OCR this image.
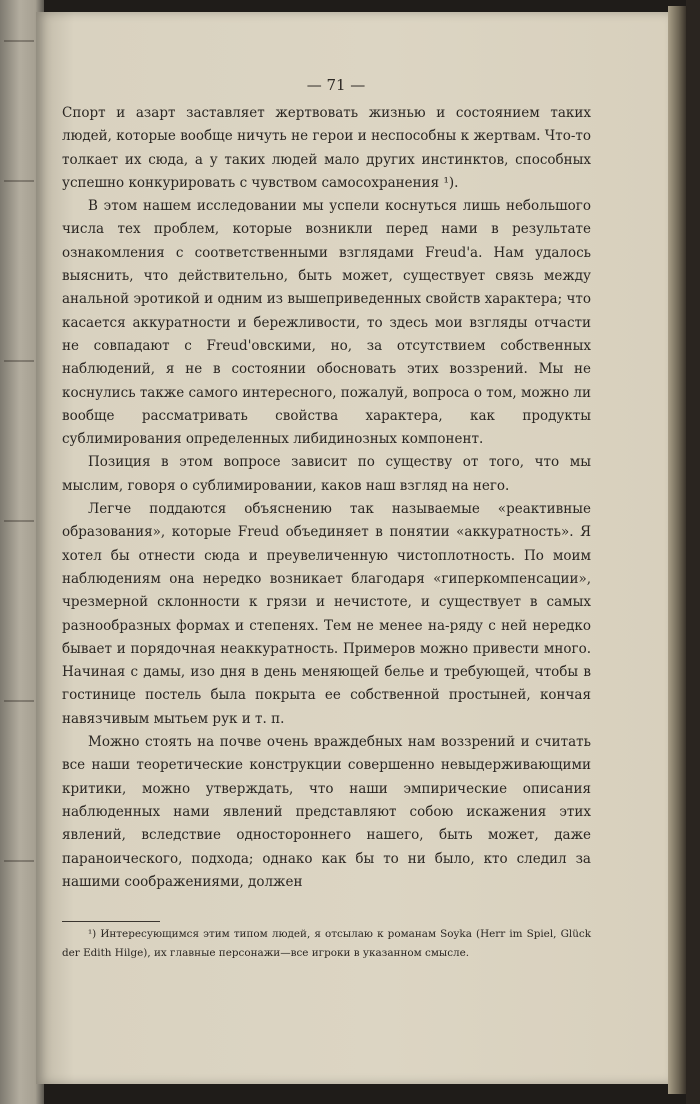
— 71 —

Спорт и азарт заставляет жертвовать жизнью и состоянием таких людей, которые вообще ничуть не герои и неспособны к жертвам. Что-то толкает их сюда, а у таких людей мало других инстинктов, способных успешно конкурировать с чувством самосохранения ¹).

В этом нашем исследовании мы успели коснуться лишь небольшого числа тех проблем, которые возникли перед нами в результате ознакомления с соответственными взглядами Freud'а. Нам удалось выяснить, что действительно, быть может, существует связь между анальной эротикой и одним из вышеприведенных свойств характера; что касается аккуратности и бережливости, то здесь мои взгляды отчасти не совпадают с Freud'овскими, но, за отсутствием собственных наблюдений, я не в состоянии обосновать этих воззрений. Мы не коснулись также самого интересного, пожалуй, вопроса о том, можно ли вообще рассматривать свойства характера, как продукты сублимирования определенных либидинозных компонент.

Позиция в этом вопросе зависит по существу от того, что мы мыслим, говоря о сублимировании, каков наш взгляд на него.

Легче поддаются объяснению так называемые «реактивные образования», которые Freud объединяет в понятии «аккуратность». Я хотел бы отнести сюда и преувеличенную чистоплотность. По моим наблюдениям она нередко возникает благодаря «гиперкомпенсации», чрезмерной склонности к грязи и нечистоте, и существует в самых разнообразных формах и степенях. Тем не менее на-ряду с ней нередко бывает и порядочная неаккуратность. Примеров можно привести много. Начиная с дамы, изо дня в день меняющей белье и требующей, чтобы в гостинице постель была покрыта ее собственной простыней, кончая навязчивым мытьем рук и т. п.

Можно стоять на почве очень враждебных нам воззрений и считать все наши теоретические конструкции совершенно невыдерживающими критики, можно утверждать, что наши эмпирические описания наблюденных нами явлений представляют собою искажения этих явлений, вследствие одностороннего нашего, быть может, даже параноического, подхода; однако как бы то ни было, кто следил за нашими соображениями, должен

¹) Интересующимся этим типом людей, я отсылаю к романам Soyka (Herr im Spiel, Glück der Edith Hilge), их главные персонажи—все игроки в указанном смысле.
